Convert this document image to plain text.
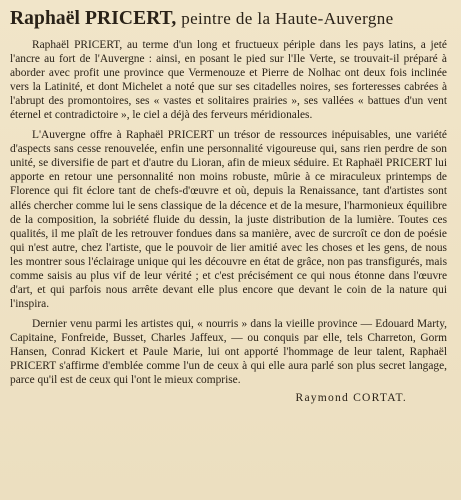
Raphaël PRICERT, peintre de la Haute-Auvergne

Raphaël PRICERT, au terme d'un long et fructueux périple dans les pays latins, a jeté l'ancre au fort de l'Auvergne : ainsi, en posant le pied sur l'Ile Verte, se trouvait-il préparé à aborder avec profit une province que Vermenouze et Pierre de Nolhac ont deux fois inclinée vers la Latinité, et dont Michelet a noté que sur ses citadelles noires, ses forteresses cabrées à l'abrupt des promontoires, ses « vastes et solitaires prairies », ses vallées « battues d'un vent éternel et contradictoire », le ciel a déjà des ferveurs méridionales.

L'Auvergne offre à Raphaël PRICERT un trésor de ressources inépuisables, une variété d'aspects sans cesse renouvelée, enfin une personnalité vigoureuse qui, sans rien perdre de son unité, se diversifie de part et d'autre du Lioran, afin de mieux séduire. Et Raphaël PRICERT lui apporte en retour une personnalité non moins robuste, mûrie à ce miraculeux printemps de Florence qui fit éclore tant de chefs-d'œuvre et où, depuis la Renaissance, tant d'artistes sont allés chercher comme lui le sens classique de la décence et de la mesure, l'harmonieux équilibre de la composition, la sobriété fluide du dessin, la juste distribution de la lumière. Toutes ces qualités, il me plaît de les retrouver fondues dans sa manière, avec de surcroît ce don de poésie qui n'est autre, chez l'artiste, que le pouvoir de lier amitié avec les choses et les gens, de nous les montrer sous l'éclairage unique qui les découvre en état de grâce, non pas transfigurés, mais comme saisis au plus vif de leur vérité ; et c'est précisément ce qui nous étonne dans l'œuvre d'art, et qui parfois nous arrête devant elle plus encore que devant le coin de la nature qui l'inspira.

Dernier venu parmi les artistes qui, « nourris » dans la vieille province — Edouard Marty, Capitaine, Fonfreide, Busset, Charles Jaffeux, — ou conquis par elle, tels Charreton, Gorm Hansen, Conrad Kickert et Paule Marie, lui ont apporté l'hommage de leur talent, Raphaël PRICERT s'affirme d'emblée comme l'un de ceux à qui elle aura parlé son plus secret langage, parce qu'il est de ceux qui l'ont le mieux comprise.

Raymond CORTAT.
